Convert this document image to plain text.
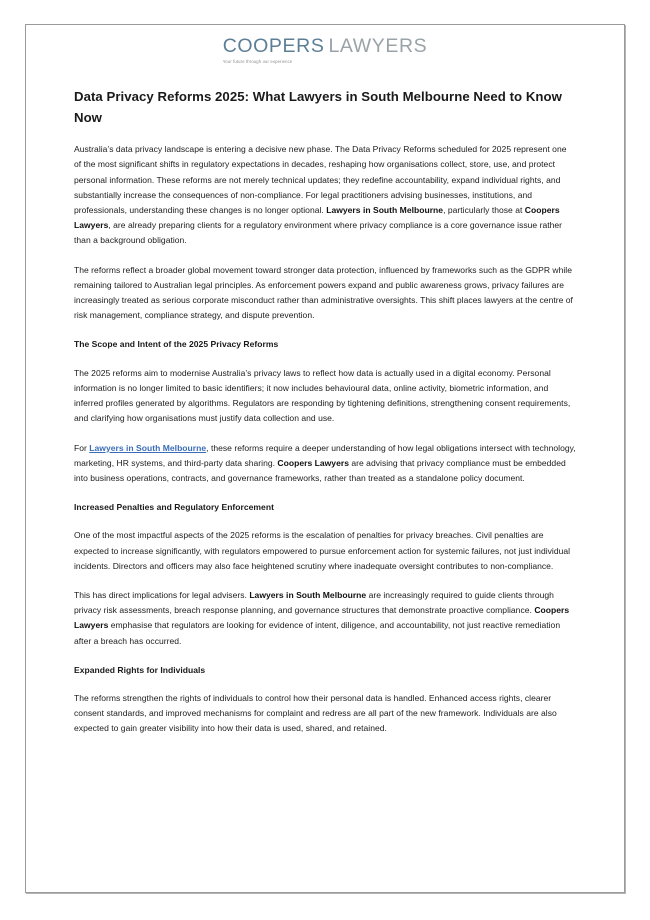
COOPERS LAWYERS
Your future through our experience
Data Privacy Reforms 2025: What Lawyers in South Melbourne Need to Know Now

Australia’s data privacy landscape is entering a decisive new phase. The Data Privacy Reforms scheduled for 2025 represent one of the most significant shifts in regulatory expectations in decades, reshaping how organisations collect, store, use, and protect personal information. These reforms are not merely technical updates; they redefine accountability, expand individual rights, and substantially increase the consequences of non-compliance. For legal practitioners advising businesses, institutions, and professionals, understanding these changes is no longer optional. Lawyers in South Melbourne, particularly those at Coopers Lawyers, are already preparing clients for a regulatory environment where privacy compliance is a core governance issue rather than a background obligation.

The reforms reflect a broader global movement toward stronger data protection, influenced by frameworks such as the GDPR while remaining tailored to Australian legal principles. As enforcement powers expand and public awareness grows, privacy failures are increasingly treated as serious corporate misconduct rather than administrative oversights. This shift places lawyers at the centre of risk management, compliance strategy, and dispute prevention.

The Scope and Intent of the 2025 Privacy Reforms

The 2025 reforms aim to modernise Australia’s privacy laws to reflect how data is actually used in a digital economy. Personal information is no longer limited to basic identifiers; it now includes behavioural data, online activity, biometric information, and inferred profiles generated by algorithms. Regulators are responding by tightening definitions, strengthening consent requirements, and clarifying how organisations must justify data collection and use.

For Lawyers in South Melbourne, these reforms require a deeper understanding of how legal obligations intersect with technology, marketing, HR systems, and third-party data sharing. Coopers Lawyers are advising that privacy compliance must be embedded into business operations, contracts, and governance frameworks, rather than treated as a standalone policy document.

Increased Penalties and Regulatory Enforcement

One of the most impactful aspects of the 2025 reforms is the escalation of penalties for privacy breaches. Civil penalties are expected to increase significantly, with regulators empowered to pursue enforcement action for systemic failures, not just individual incidents. Directors and officers may also face heightened scrutiny where inadequate oversight contributes to non-compliance.

This has direct implications for legal advisers. Lawyers in South Melbourne are increasingly required to guide clients through privacy risk assessments, breach response planning, and governance structures that demonstrate proactive compliance. Coopers Lawyers emphasise that regulators are looking for evidence of intent, diligence, and accountability, not just reactive remediation after a breach has occurred.

Expanded Rights for Individuals

The reforms strengthen the rights of individuals to control how their personal data is handled. Enhanced access rights, clearer consent standards, and improved mechanisms for complaint and redress are all part of the new framework. Individuals are also expected to gain greater visibility into how their data is used, shared, and retained.
